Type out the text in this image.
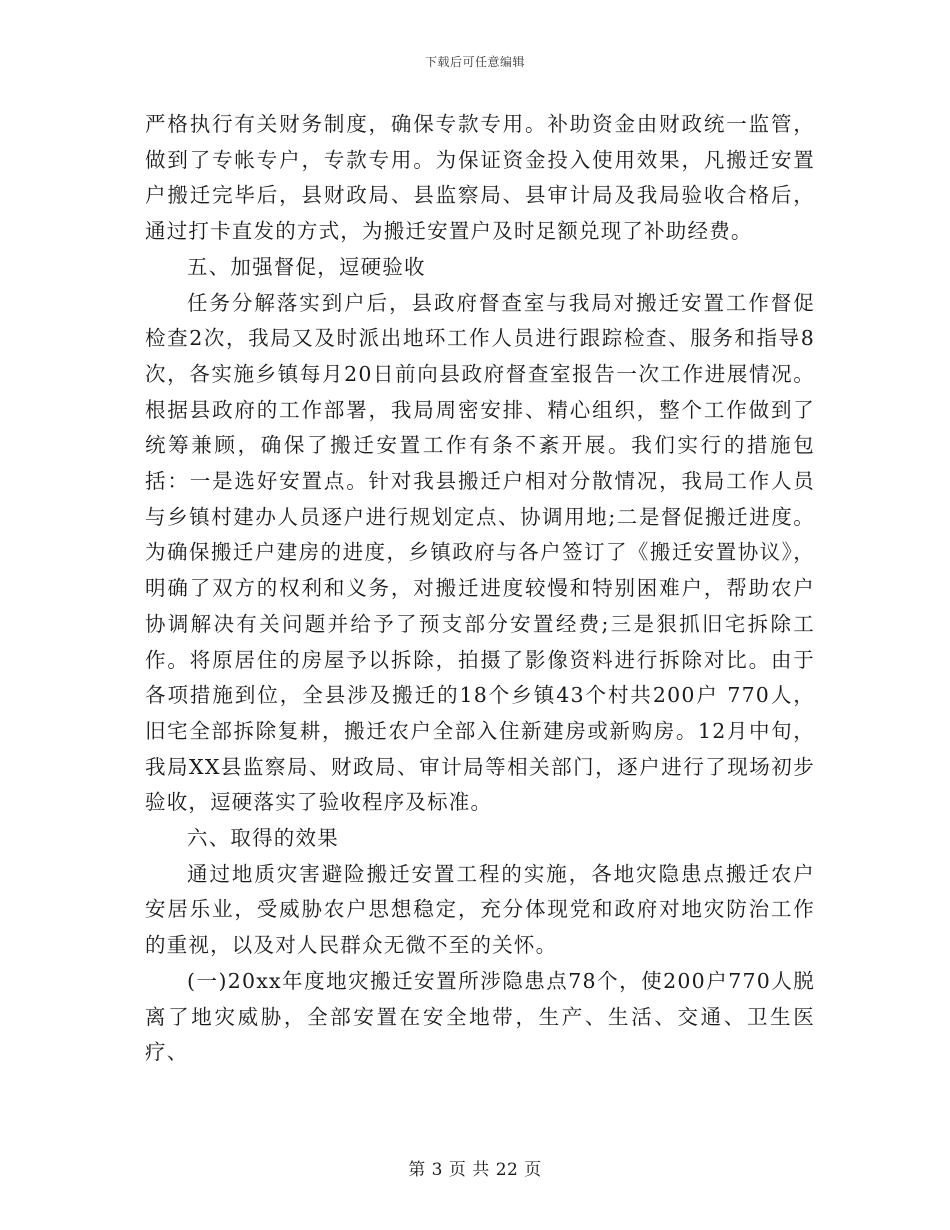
下载后可任意编辑

严格执行有关财务制度，确保专款专用。补助资金由财政统一监管，做到了专帐专户，专款专用。为保证资金投入使用效果，凡搬迁安置户搬迁完毕后，县财政局、县监察局、县审计局及我局验收合格后，通过打卡直发的方式，为搬迁安置户及时足额兑现了补助经费。

五、加强督促，逗硬验收

任务分解落实到户后，县政府督查室与我局对搬迁安置工作督促检查2次，我局又及时派出地环工作人员进行跟踪检查、服务和指导8次，各实施乡镇每月20日前向县政府督查室报告一次工作进展情况。根据县政府的工作部署，我局周密安排、精心组织，整个工作做到了统筹兼顾，确保了搬迁安置工作有条不紊开展。我们实行的措施包括：一是选好安置点。针对我县搬迁户相对分散情况，我局工作人员与乡镇村建办人员逐户进行规划定点、协调用地;二是督促搬迁进度。为确保搬迁户建房的进度，乡镇政府与各户签订了《搬迁安置协议》，明确了双方的权利和义务，对搬迁进度较慢和特别困难户，帮助农户协调解决有关问题并给予了预支部分安置经费;三是狠抓旧宅拆除工作。将原居住的房屋予以拆除，拍摄了影像资料进行拆除对比。由于各项措施到位，全县涉及搬迁的18个乡镇43个村共200户 770人，旧宅全部拆除复耕，搬迁农户全部入住新建房或新购房。12月中旬，我局XX县监察局、财政局、审计局等相关部门，逐户进行了现场初步验收，逗硬落实了验收程序及标准。

六、取得的效果

通过地质灾害避险搬迁安置工程的实施，各地灾隐患点搬迁农户安居乐业，受威胁农户思想稳定，充分体现党和政府对地灾防治工作的重视，以及对人民群众无微不至的关怀。

(一)20xx年度地灾搬迁安置所涉隐患点78个，使200户770人脱离了地灾威胁，全部安置在安全地带，生产、生活、交通、卫生医疗、

第 3 页 共 22 页
